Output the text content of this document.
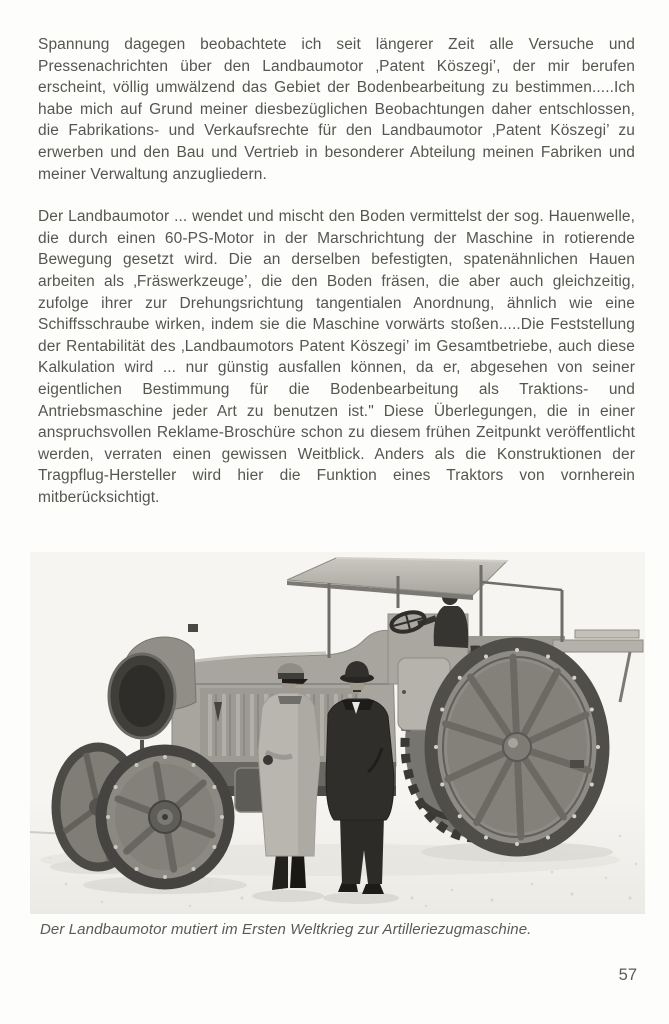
Spannung dagegen beobachtete ich seit längerer Zeit alle Versuche und Pressenachrichten über den Landbaumotor ‚Patent Köszegi’, der mir berufen erscheint, völlig umwälzend das Gebiet der Bodenbearbeitung zu bestimmen.....Ich habe mich auf Grund meiner diesbezüglichen Beobachtungen daher entschlossen, die Fabrikations- und Verkaufsrechte für den Landbaumotor ‚Patent Köszegi’ zu erwerben und den Bau und Vertrieb in besonderer Abteilung meinen Fabriken und meiner Verwaltung anzugliedern.

Der Landbaumotor ... wendet und mischt den Boden vermittelst der sog. Hauenwelle, die durch einen 60-PS-Motor in der Marschrichtung der Maschine in rotierende Bewegung gesetzt wird. Die an derselben befestigten, spatenähnlichen Hauen arbeiten als ‚Fräswerkzeuge’, die den Boden fräsen, die aber auch gleichzeitig, zufolge ihrer zur Drehungsrichtung tangentialen Anordnung, ähnlich wie eine Schiffsschraube wirken, indem sie die Maschine vorwärts stoßen.....Die Feststellung der Rentabilität des ‚Landbaumotors Patent Köszegi’ im Gesamtbetriebe, auch diese Kalkulation wird ... nur günstig ausfallen können, da er, abgesehen von seiner eigentlichen Bestimmung für die Bodenbearbeitung als Traktions- und Antriebsmaschine jeder Art zu benutzen ist." Diese Überlegungen, die in einer anspruchsvollen Reklame-Broschüre schon zu diesem frühen Zeitpunkt veröffentlicht werden, verraten einen gewissen Weitblick. Anders als die Konstruktionen der Tragpflug-Hersteller wird hier die Funktion eines Traktors von vornherein mitberücksichtigt.

Der Landbaumotor mutiert im Ersten Weltkrieg zur Artilleriezugmaschine.
57
